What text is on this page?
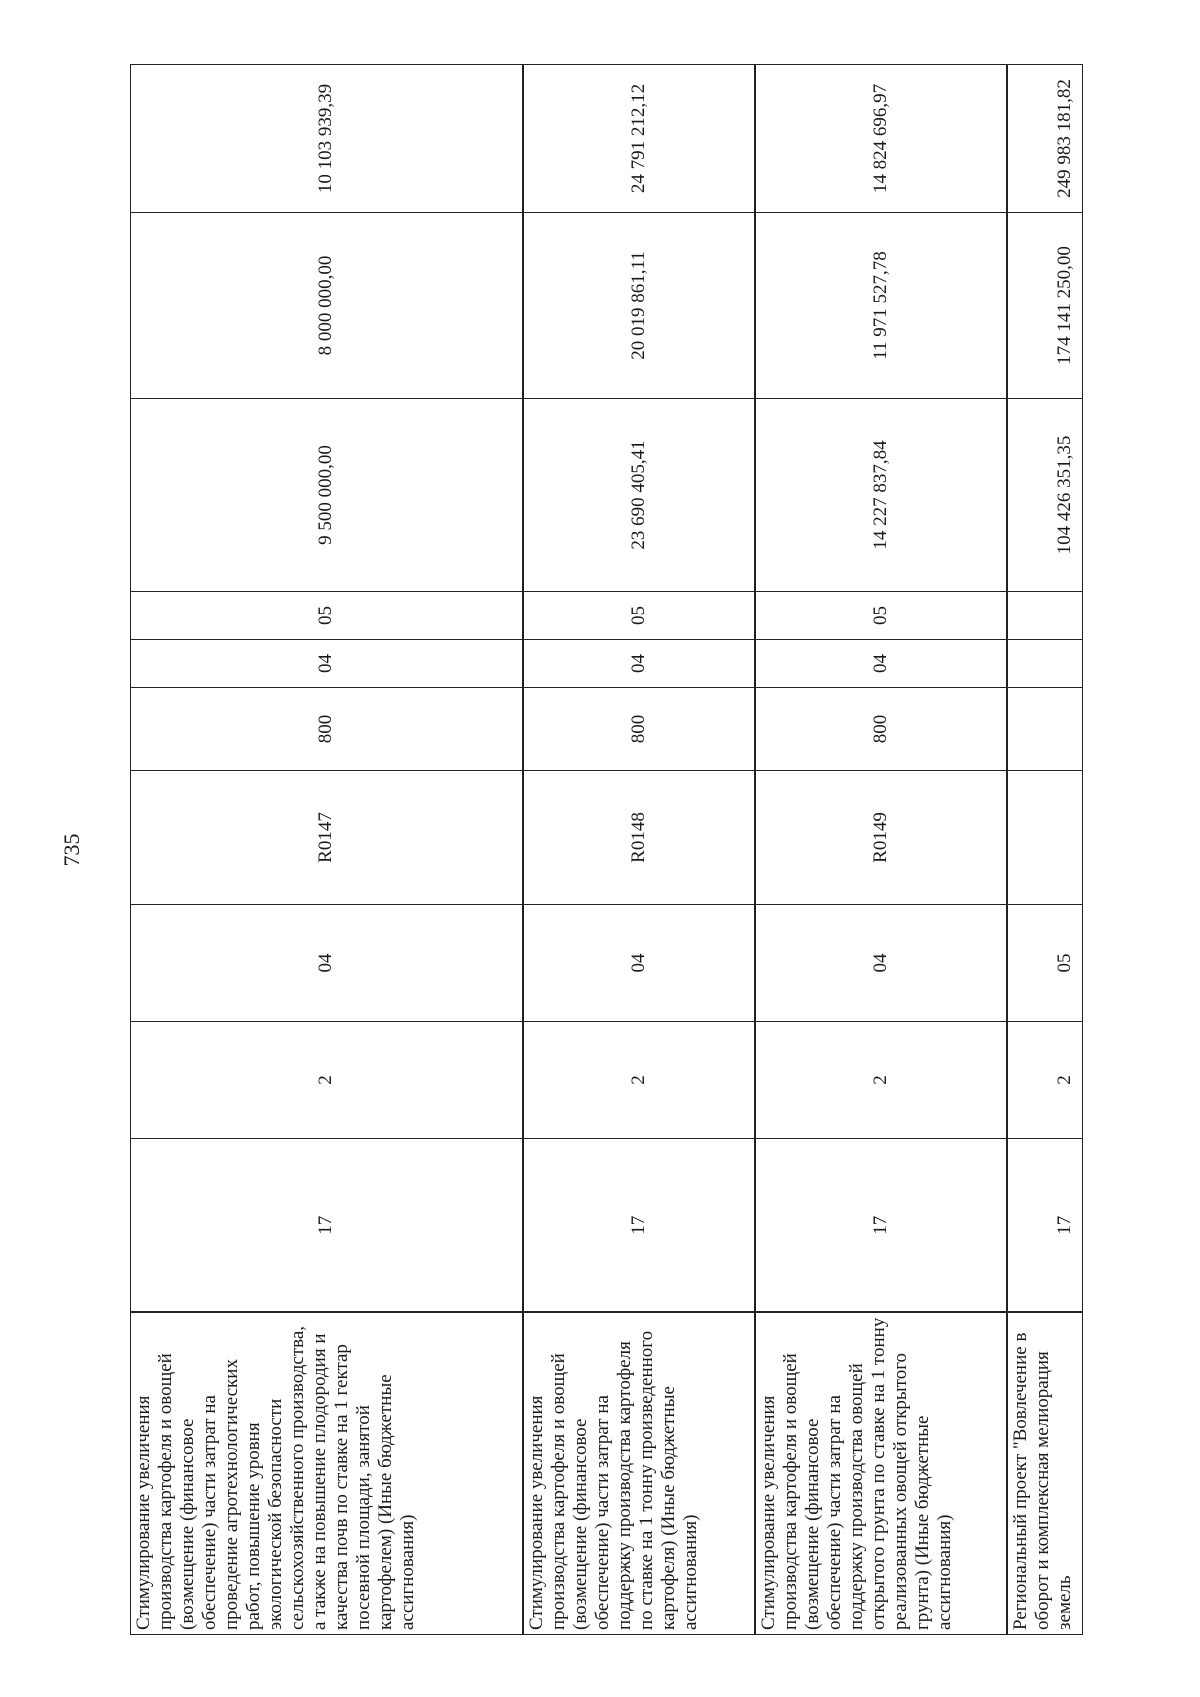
735
Стимулирование увеличения производства картофеля и овощей (возмещение (финансовое обеспечение) части затрат на проведение агротехнологических работ, повышение уровня экологической безопасности сельскохозяйственного производства, а также на повышение плодородия и качества почв по ставке на 1 гектар посевной площади, занятой картофелем) (Иные бюджетные ассигнования)	17	2	04	R0147	800	04	05	9 500 000,00	8 000 000,00	10 103 939,39
Стимулирование увеличения производства картофеля и овощей (возмещение (финансовое обеспечение) части затрат на поддержку производства картофеля по ставке на 1 тонну произведенного картофеля) (Иные бюджетные ассигнования)	17	2	04	R0148	800	04	05	23 690 405,41	20 019 861,11	24 791 212,12
Стимулирование увеличения производства картофеля и овощей (возмещение (финансовое обеспечение) части затрат на поддержку производства овощей открытого грунта по ставке на 1 тонну реализованных овощей открытого грунта) (Иные бюджетные ассигнования)	17	2	04	R0149	800	04	05	14 227 837,84	11 971 527,78	14 824 696,97
Региональный проект "Вовлечение в оборот и комплексная мелиорация земель	17	2	05					104 426 351,35	174 141 250,00	249 983 181,82
